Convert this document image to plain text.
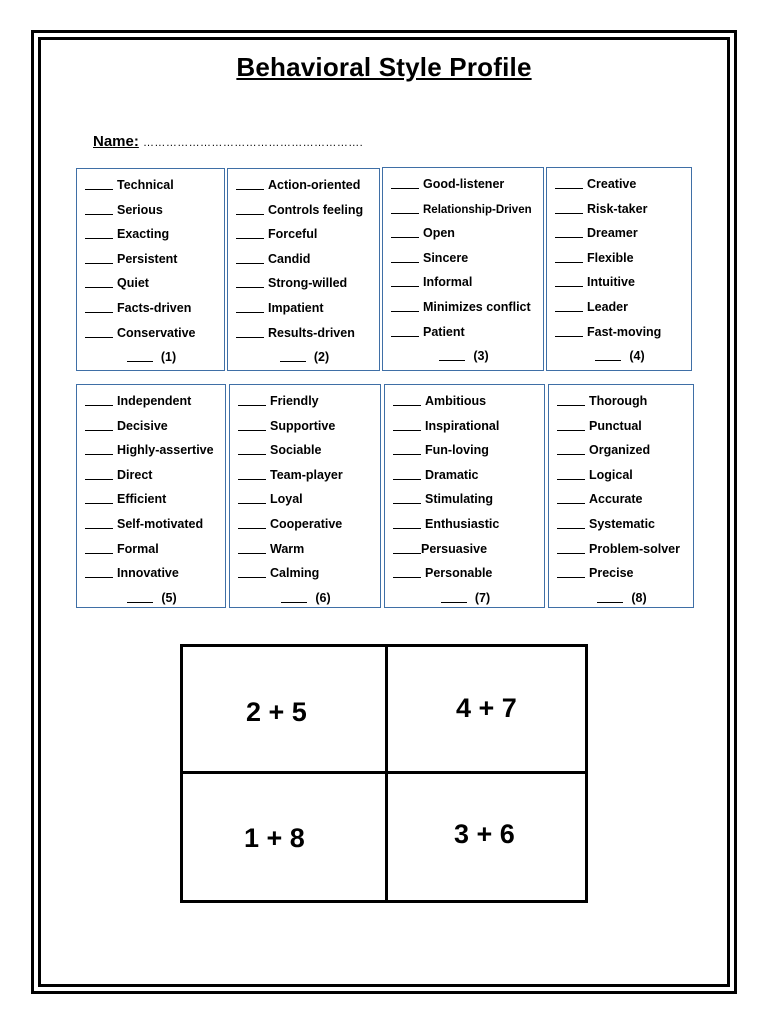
Behavioral Style Profile
Name: ………………………………………………….
Technical
Serious
Exacting
Persistent
Quiet
Facts-driven
Conservative
(1)
Action-oriented
Controls feeling
Forceful
Candid
Strong-willed
Impatient
Results-driven
(2)
Good-listener
Relationship-Driven
Open
Sincere
Informal
Minimizes conflict
Patient
(3)
Creative
Risk-taker
Dreamer
Flexible
Intuitive
Leader
Fast-moving
(4)
Independent
Decisive
Highly-assertive
Direct
Efficient
Self-motivated
Formal
Innovative
(5)
Friendly
Supportive
Sociable
Team-player
Loyal
Cooperative
Warm
Calming
(6)
Ambitious
Inspirational
Fun-loving
Dramatic
Stimulating
Enthusiastic
Persuasive
Personable
(7)
Thorough
Punctual
Organized
Logical
Accurate
Systematic
Problem-solver
Precise
(8)
2 + 5	4 + 7
1 + 8	3 + 6
